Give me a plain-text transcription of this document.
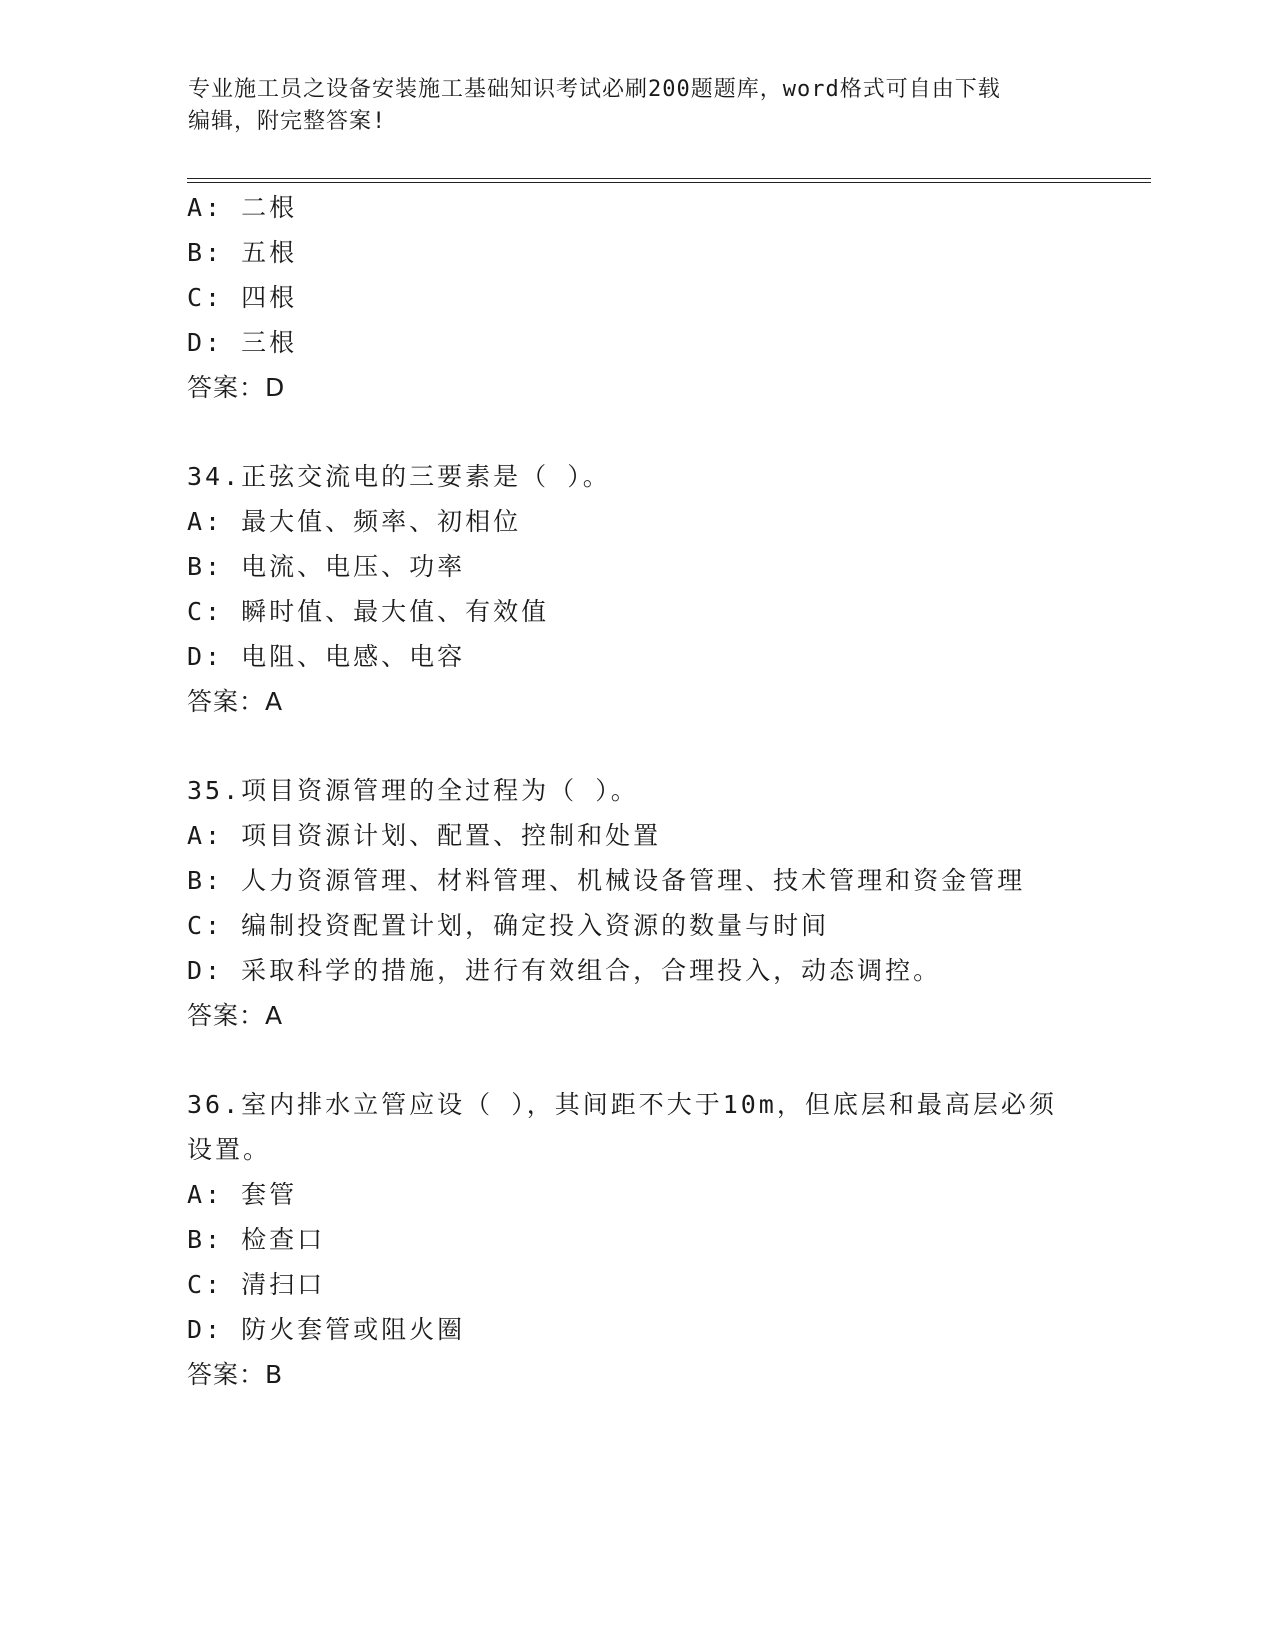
专业施工员之设备安装施工基础知识考试必刷200题题库，word格式可自由下载
编辑，附完整答案!
A: 二根
B: 五根
C: 四根
D: 三根
答案：D
34.正弦交流电的三要素是（ ）。
A: 最大值、频率、初相位
B: 电流、电压、功率
C: 瞬时值、最大值、有效值
D: 电阻、电感、电容
答案：A
35.项目资源管理的全过程为（ ）。
A: 项目资源计划、配置、控制和处置
B: 人力资源管理、材料管理、机械设备管理、技术管理和资金管理
C: 编制投资配置计划，确定投入资源的数量与时间
D: 采取科学的措施，进行有效组合，合理投入，动态调控。
答案：A
36.室内排水立管应设（ ），其间距不大于10m，但底层和最高层必须
设置。
A: 套管
B: 检查口
C: 清扫口
D: 防火套管或阻火圈
答案：B
